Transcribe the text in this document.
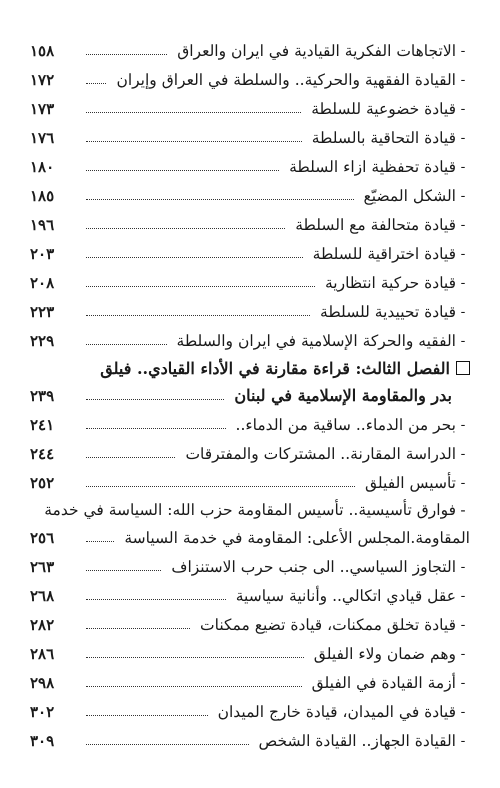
-
الاتجاهات الفكرية القيادية في ايران والعراق
١٥٨
-
القيادة الفقهية والحركية.. والسلطة في العراق وإيران
١٧٢
-
قيادة خضوعية للسلطة
١٧٣
-
قيادة التحاقية بالسلطة
١٧٦
-
قيادة تحفظية ازاء السلطة
١٨٠
-
الشكل المضيّع
١٨٥
-
قيادة متحالفة مع السلطة
١٩٦
-
قيادة اختراقية للسلطة
٢٠٣
-
قيادة حركية انتظارية
٢٠٨
-
قيادة تحييدية للسلطة
٢٢٣
-
الفقيه والحركة الإسلامية في ايران والسلطة
٢٢٩
الفصل الثالث: قراءة مقارنة في الأداء القيادي.. فيلق
بدر والمقاومة الإسلامية في لبنان
٢٣٩
-
بحر من الدماء.. ساقية من الدماء..
٢٤١
-
الدراسة المقارنة.. المشتركات والمفترقات
٢٤٤
-
تأسيس الفيلق
٢٥٢
-
فوارق تأسيسية.. تأسيس المقاومة حزب الله: السياسة في خدمة
المقاومة.المجلس الأعلى: المقاومة في خدمة السياسة
٢٥٦
-
التجاوز السياسي.. الى جنب حرب الاستنزاف
٢٦٣
-
عقل قيادي اتكالي.. وأنانية سياسية
٢٦٨
-
قيادة تخلق ممكنات، قيادة تضيع ممكنات
٢٨٢
-
وهم ضمان ولاء الفيلق
٢٨٦
-
أزمة القيادة في الفيلق
٢٩٨
-
قيادة في الميدان، قيادة خارج الميدان
٣٠٢
-
القيادة الجهاز.. القيادة الشخص
٣٠٩
